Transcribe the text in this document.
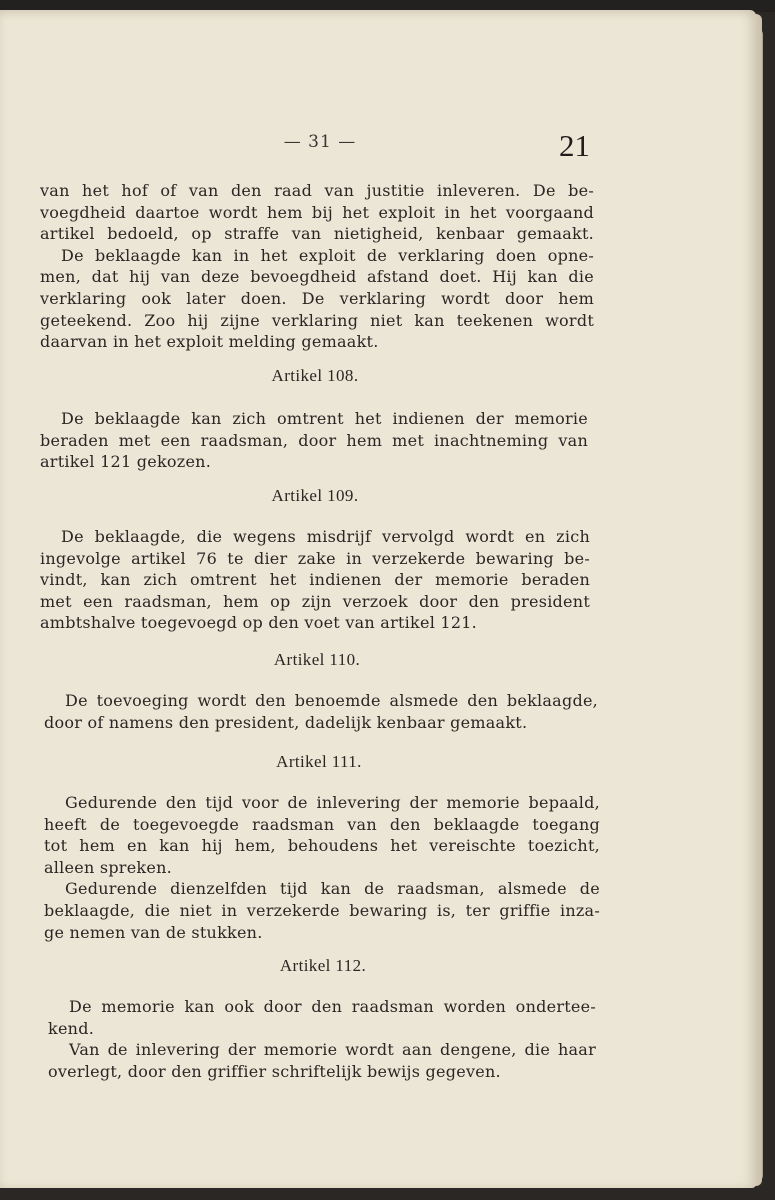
— 31 —	21

van het hof of van den raad van justitie inleveren. De be-
voegdheid daartoe wordt hem bij het exploit in het voorgaand
artikel bedoeld, op straffe van nietigheid, kenbaar gemaakt.

De beklaagde kan in het exploit de verklaring doen opne-
men, dat hij van deze bevoegdheid afstand doet. Hij kan die
verklaring ook later doen. De verklaring wordt door hem
geteekend. Zoo hij zijne verklaring niet kan teekenen wordt
daarvan in het exploit melding gemaakt.

Artikel 108.

De beklaagde kan zich omtrent het indienen der memorie
beraden met een raadsman, door hem met inachtneming van
artikel 121 gekozen.

Artikel 109.

De beklaagde, die wegens misdrijf vervolgd wordt en zich
ingevolge artikel 76 te dier zake in verzekerde bewaring be-
vindt, kan zich omtrent het indienen der memorie beraden
met een raadsman, hem op zijn verzoek door den president
ambtshalve toegevoegd op den voet van artikel 121.

Artikel 110.

De toevoeging wordt den benoemde alsmede den beklaagde,
door of namens den president, dadelijk kenbaar gemaakt.

Artikel 111.

Gedurende den tijd voor de inlevering der memorie bepaald,
heeft de toegevoegde raadsman van den beklaagde toegang
tot hem en kan hij hem, behoudens het vereischte toezicht,
alleen spreken.

Gedurende dienzelfden tijd kan de raadsman, alsmede de
beklaagde, die niet in verzekerde bewaring is, ter griffie inza-
ge nemen van de stukken.

Artikel 112.

De memorie kan ook door den raadsman worden ondertee-
kend.

Van de inlevering der memorie wordt aan dengene, die haar
overlegt, door den griffier schriftelijk bewijs gegeven.
